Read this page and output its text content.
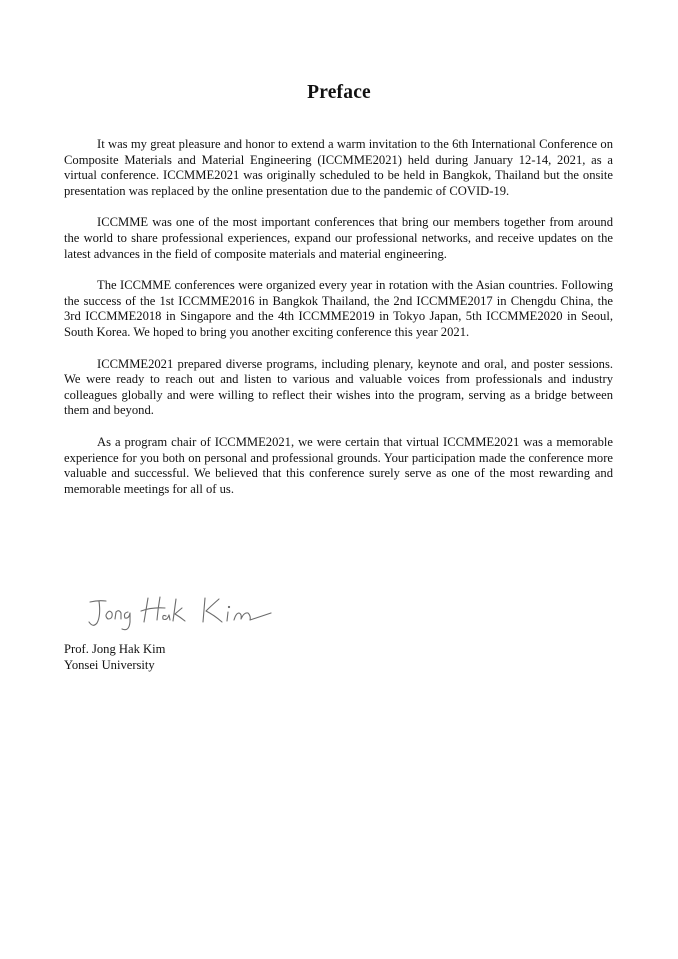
Preface

It was my great pleasure and honor to extend a warm invitation to the 6th International Conference on Composite Materials and Material Engineering (ICCMME2021) held during January 12-14, 2021, as a virtual conference. ICCMME2021 was originally scheduled to be held in Bangkok, Thailand but the onsite presentation was replaced by the online presentation due to the pandemic of COVID-19.

ICCMME was one of the most important conferences that bring our members together from around the world to share professional experiences, expand our professional networks, and receive updates on the latest advances in the field of composite materials and material engineering.

The ICCMME conferences were organized every year in rotation with the Asian countries. Following the success of the 1st ICCMME2016 in Bangkok Thailand, the 2nd ICCMME2017 in Chengdu China, the 3rd ICCMME2018 in Singapore and the 4th ICCMME2019 in Tokyo Japan, 5th ICCMME2020 in Seoul, South Korea. We hoped to bring you another exciting conference this year 2021.

ICCMME2021 prepared diverse programs, including plenary, keynote and oral, and poster sessions. We were ready to reach out and listen to various and valuable voices from professionals and industry colleagues globally and were willing to reflect their wishes into the program, serving as a bridge between them and beyond.

As a program chair of ICCMME2021, we were certain that virtual ICCMME2021 was a memorable experience for you both on personal and professional grounds. Your participation made the conference more valuable and successful. We believed that this conference surely serve as one of the most rewarding and memorable meetings for all of us.

Prof. Jong Hak Kim
Yonsei University
